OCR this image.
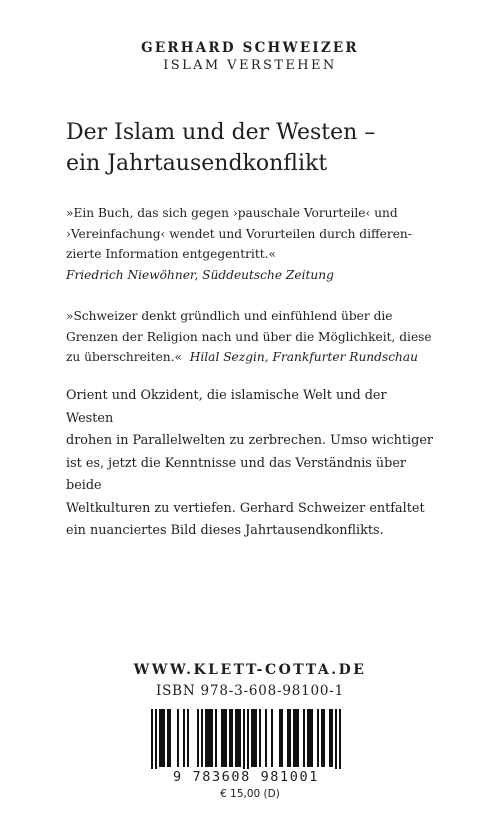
GERHARD SCHWEIZER
ISLAM VERSTEHEN
Der Islam und der Westen –
ein Jahrtausendkonflikt

»Ein Buch, das sich gegen ›pauschale Vorurteile‹ und
›Vereinfachung‹ wendet und Vorurteilen durch differen-
zierte Information entgegentritt.«
Friedrich Niewöhner, Süddeutsche Zeitung

»Schweizer denkt gründlich und einfühlend über die
Grenzen der Religion nach und über die Möglichkeit, diese
zu überschreiten.« Hilal Sezgin, Frankfurter Rundschau

Orient und Okzident, die islamische Welt und der Westen
drohen in Parallelwelten zu zerbrechen. Umso wichtiger
ist es, jetzt die Kenntnisse und das Verständnis über beide
Weltkulturen zu vertiefen. Gerhard Schweizer entfaltet
ein nuanciertes Bild dieses Jahrtausendkonflikts.

WWW.KLETT-COTTA.DE
ISBN 978-3-608-98100-1
9 783608 981001
€ 15,00 (D)
